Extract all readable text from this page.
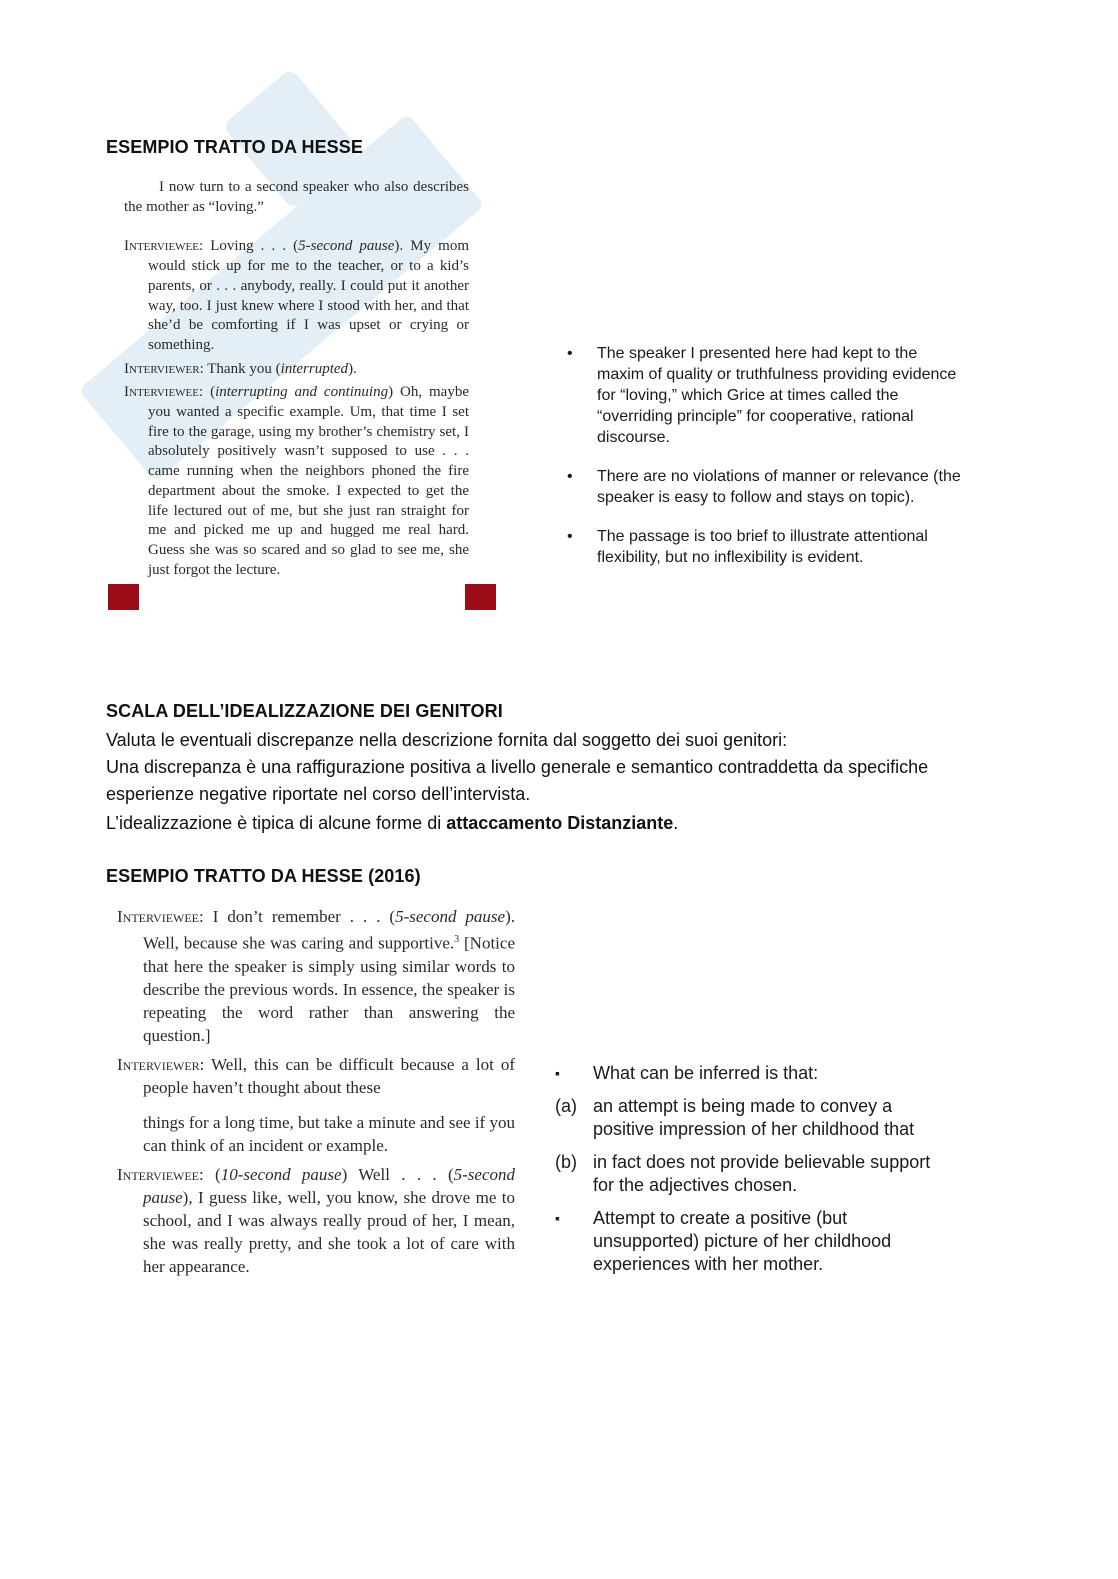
ESEMPIO TRATTO DA HESSE

I now turn to a second speaker who also describes the mother as “loving.”

Interviewee: Loving . . . (5-second pause). My mom would stick up for me to the teacher, or to a kid’s parents, or . . . anybody, really. I could put it another way, too. I just knew where I stood with her, and that she’d be comforting if I was upset or crying or something.

Interviewer: Thank you (interrupted).

Interviewee: (interrupting and continuing) Oh, maybe you wanted a specific example. Um, that time I set fire to the garage, using my brother’s chemistry set, I absolutely positively wasn’t supposed to use . . . came running when the neighbors phoned the fire department about the smoke. I expected to get the life lectured out of me, but she just ran straight for me and picked me up and hugged me real hard. Guess she was so scared and so glad to see me, she just forgot the lecture.

• The speaker I presented here had kept to the maxim of quality or truthfulness providing evidence for “loving,” which Grice at times called the “overriding principle” for cooperative, rational discourse.
• There are no violations of manner or relevance (the speaker is easy to follow and stays on topic).
• The passage is too brief to illustrate attentional flexibility, but no inflexibility is evident.
SCALA DELL’IDEALIZZAZIONE DEI GENITORI
Valuta le eventuali discrepanze nella descrizione fornita dal soggetto dei suoi genitori:
Una discrepanza è una raffigurazione positiva a livello generale e semantico contraddetta da specifiche esperienze negative riportate nel corso dell’intervista.
L’idealizzazione è tipica di alcune forme di attaccamento Distanziante.
ESEMPIO TRATTO DA HESSE (2016)

Interviewee: I don’t remember . . . (5-second pause). Well, because she was caring and supportive.$^3$ [Notice that here the speaker is simply using similar words to describe the previous words. In essence, the speaker is repeating the word rather than answering the question.]

Interviewer: Well, this can be difficult because a lot of people haven’t thought about these

things for a long time, but take a minute and see if you can think of an incident or example.

Interviewee: (10-second pause) Well . . . (5-second pause), I guess like, well, you know, she drove me to school, and I was always really proud of her, I mean, she was really pretty, and she took a lot of care with her appearance.

▪ What can be inferred is that:
(a) an attempt is being made to convey a positive impression of her childhood that
(b) in fact does not provide believable support for the adjectives chosen.
▪ Attempt to create a positive (but unsupported) picture of her childhood experiences with her mother.
